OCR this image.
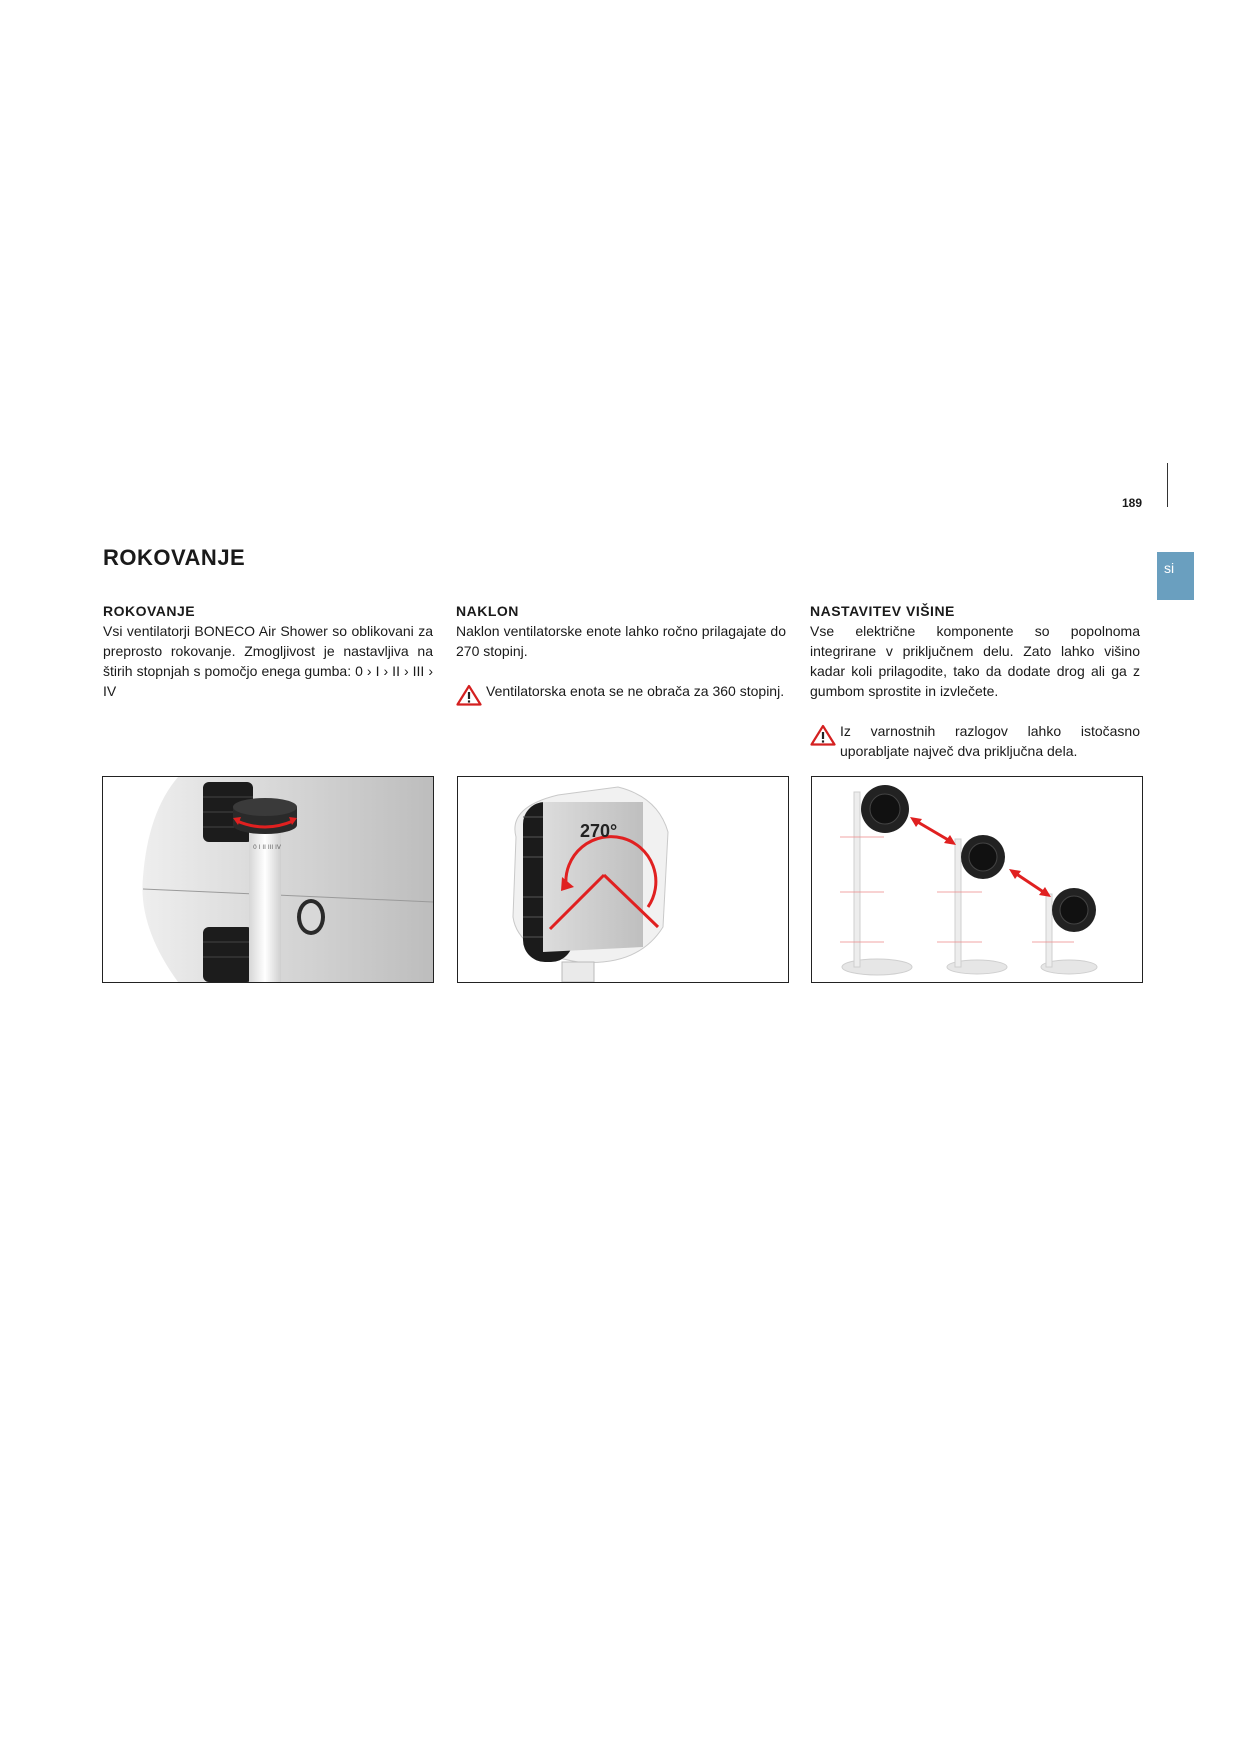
189
si
ROKOVANJE
ROKOVANJE

Vsi ventilatorji BONECO Air Shower so oblikovani za preprosto rokovanje. Zmogljivost je nastavljiva na štirih stopnjah s pomočjo enega gumba: 0 › I › II › III › IV

NAKLON

Naklon ventilatorske enote lahko ročno prilagajate do 270 stopinj.

Ventilatorska enota se ne obrača za 360 stopinj.
NASTAVITEV VIŠINE

Vse električne komponente so popolnoma integrirane v priključnem delu. Zato lahko višino kadar koli prilagodite, tako da dodate drog ali ga z gumbom sprostite in izvlečete.

Iz varnostnih razlogov lahko istočasno uporabljate največ dva priključna dela.
0 I II III IV
270°
